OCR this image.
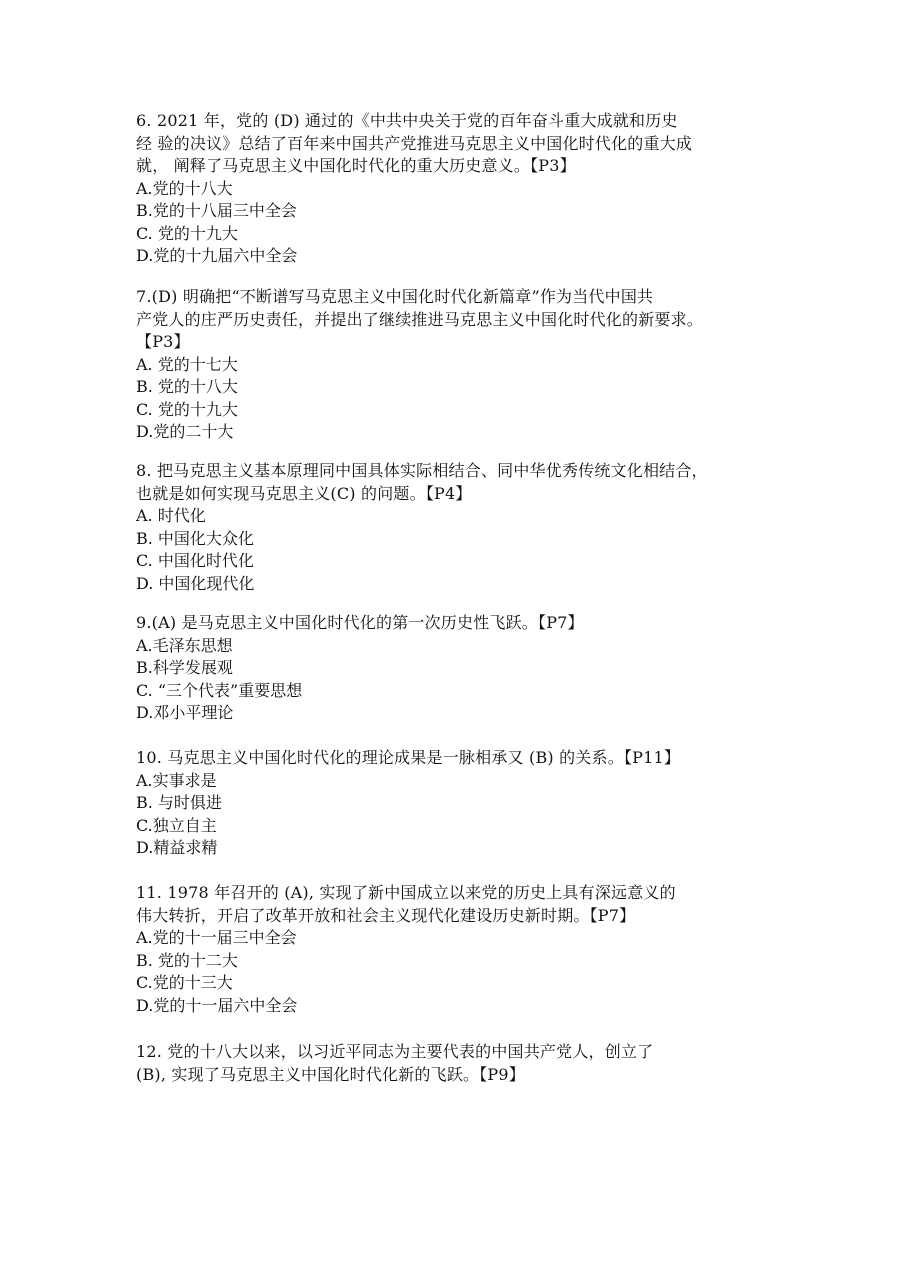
6. 2021 年，党的 (D) 通过的《中共中央关于党的百年奋斗重大成就和历史
经 验的决议》总结了百年来中国共产党推进马克思主义中国化时代化的重大成
就， 阐释了马克思主义中国化时代化的重大历史意义。【P3】
A.党的十八大
B.党的十八届三中全会
C. 党的十九大
D.党的十九届六中全会
7.(D) 明确把“不断谱写马克思主义中国化时代化新篇章”作为当代中国共
产党人的庄严历史责任，并提出了继续推进马克思主义中国化时代化的新要求。
【P3】
A. 党的十七大
B. 党的十八大
C. 党的十九大
D.党的二十大
8. 把马克思主义基本原理同中国具体实际相结合、同中华优秀传统文化相结合，
也就是如何实现马克思主义(C) 的问题。【P4】
A. 时代化
B. 中国化大众化
C. 中国化时代化
D. 中国化现代化
9.(A) 是马克思主义中国化时代化的第一次历史性飞跃。【P7】
A.毛泽东思想
B.科学发展观
C. “三个代表”重要思想
D.邓小平理论
10. 马克思主义中国化时代化的理论成果是一脉相承又 (B) 的关系。【P11】
A.实事求是
B. 与时俱进
C.独立自主
D.精益求精
11. 1978 年召开的 (A), 实现了新中国成立以来党的历史上具有深远意义的
伟大转折，开启了改革开放和社会主义现代化建设历史新时期。【P7】
A.党的十一届三中全会
B. 党的十二大
C.党的十三大
D.党的十一届六中全会
12. 党的十八大以来，以习近平同志为主要代表的中国共产党人，创立了
(B), 实现了马克思主义中国化时代化新的飞跃。【P9】
